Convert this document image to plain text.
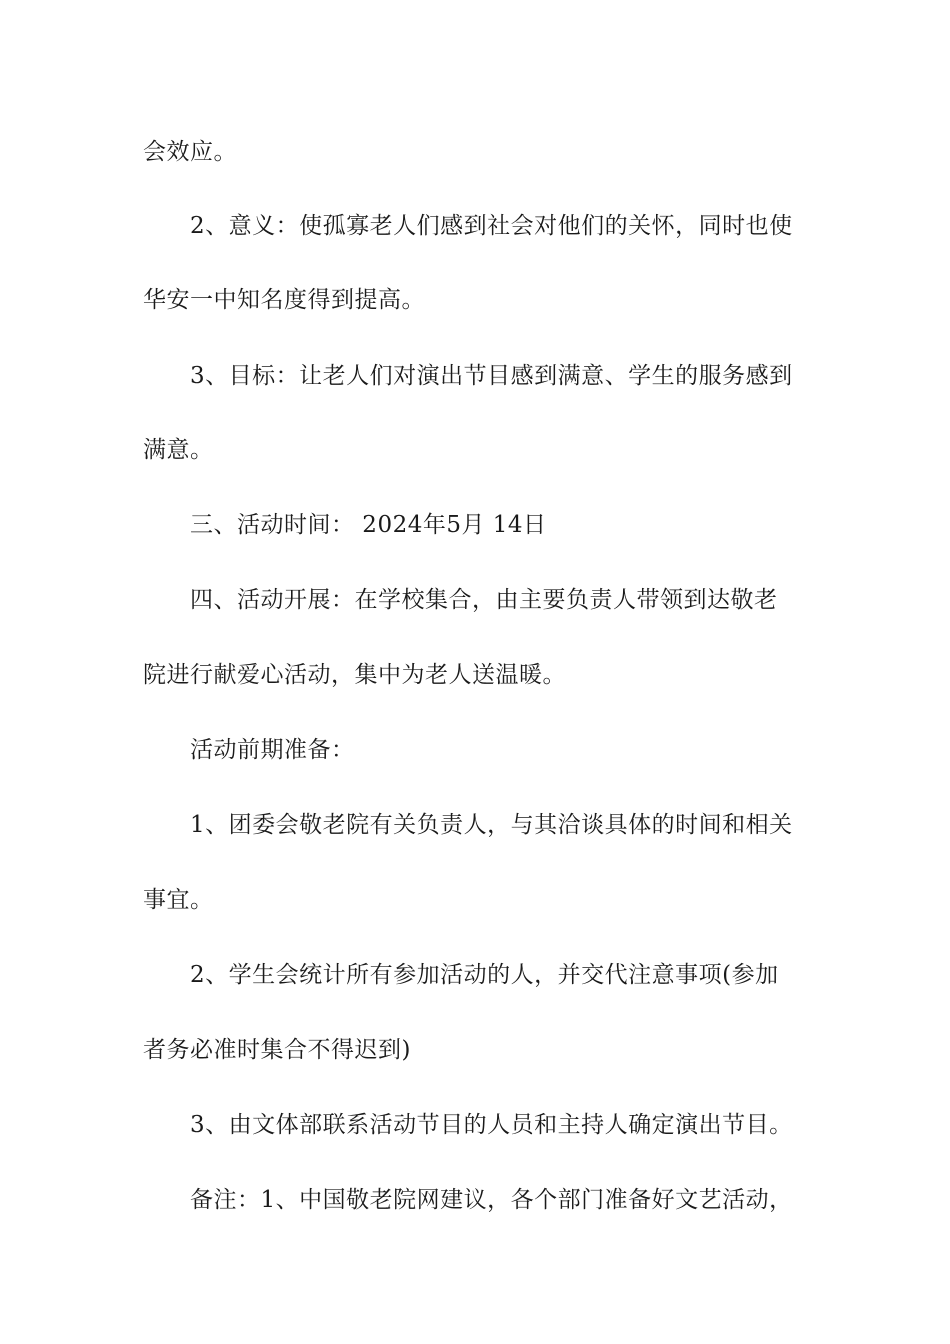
会效应。
2、意义：使孤寡老人们感到社会对他们的关怀，同时也使
华安一中知名度得到提高。
3、目标：让老人们对演出节目感到满意、学生的服务感到
满意。
三、活动时间： 2024年5月 14日
四、活动开展：在学校集合，由主要负责人带领到达敬老
院进行献爱心活动，集中为老人送温暖。
活动前期准备：
1、团委会敬老院有关负责人，与其洽谈具体的时间和相关
事宜。
2、学生会统计所有参加活动的人，并交代注意事项(参加
者务必准时集合不得迟到)
3、由文体部联系活动节目的人员和主持人确定演出节目。
备注：1、中国敬老院网建议，各个部门准备好文艺活动，
